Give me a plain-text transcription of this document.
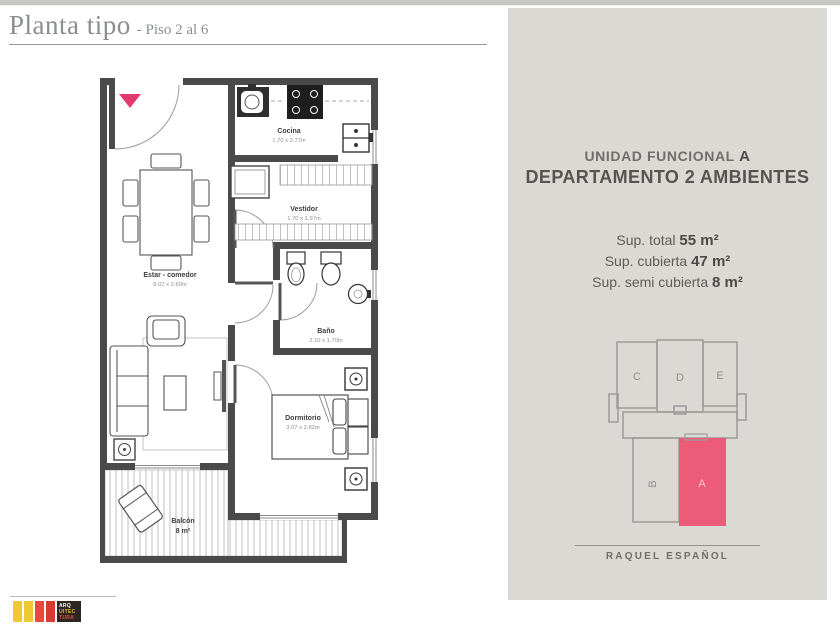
Planta tipo - Piso 2 al 6
Cocina
1.70 x 2.77m
Vestidor
1.70 x 1.97m
Baño
2.10 x 1.70m
Dormitorio
3.07 x 2.82m
Estar - comedor
8.07 x 2.60m
Balcón
8 m²
UNIDAD FUNCIONAL A
DEPARTAMENTO 2 AMBIENTES
Sup. total 55 m²
Sup. cubierta 47 m²
Sup. semi cubierta 8 m²
C	D	E
B	A
RAQUEL ESPAÑOL
ARQ
UITEC
TURA
